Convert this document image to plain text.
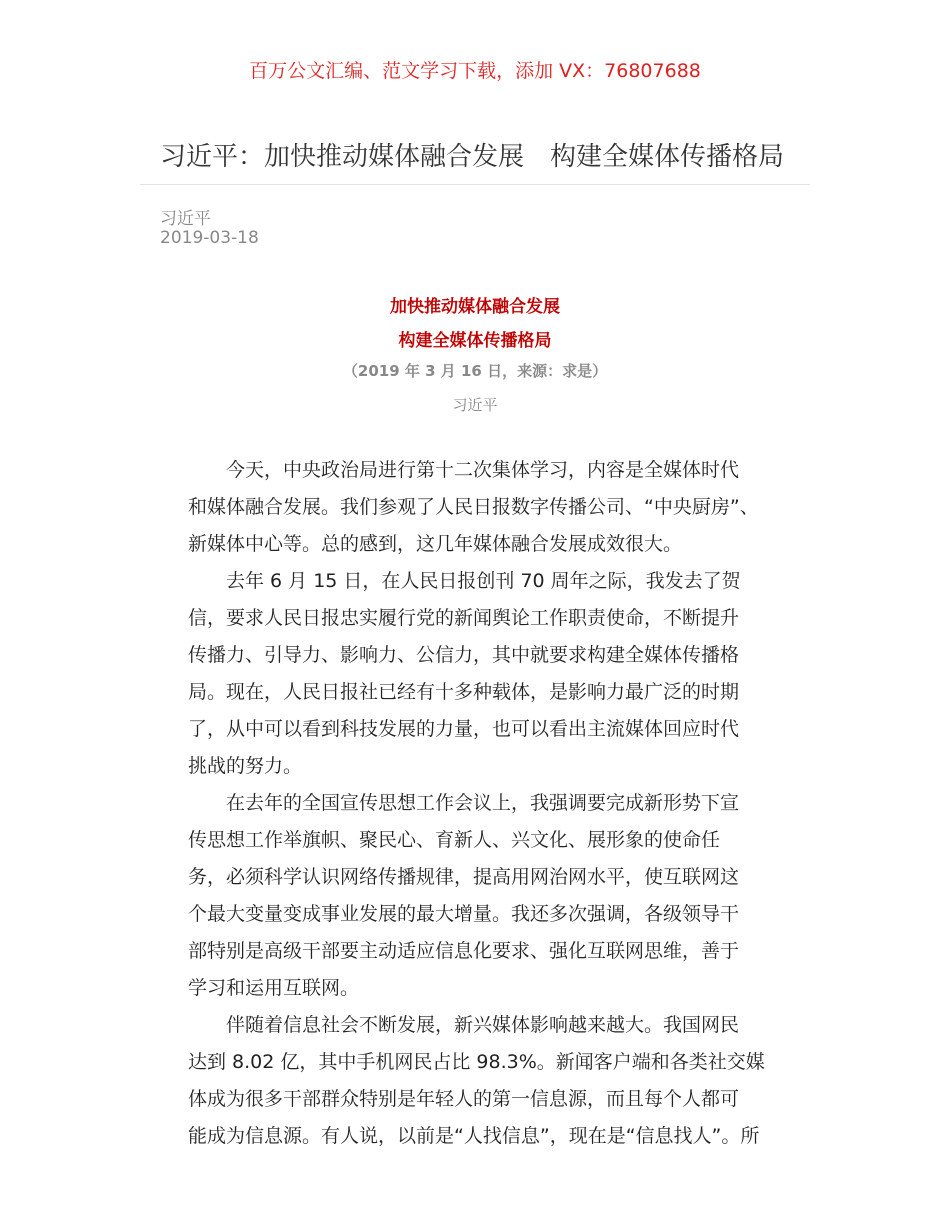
百万公文汇编、范文学习下载，添加 VX：76807688
习近平：加快推动媒体融合发展　构建全媒体传播格局
习近平
2019-03-18
加快推动媒体融合发展
构建全媒体传播格局
（2019 年 3 月 16 日，来源：求是）
习近平
　　今天，中央政治局进行第十二次集体学习，内容是全媒体时代
和媒体融合发展。我们参观了人民日报数字传播公司、“中央厨房”、
新媒体中心等。总的感到，这几年媒体融合发展成效很大。
　　去年 6 月 15 日，在人民日报创刊 70 周年之际，我发去了贺
信，要求人民日报忠实履行党的新闻舆论工作职责使命，不断提升
传播力、引导力、影响力、公信力，其中就要求构建全媒体传播格
局。现在，人民日报社已经有十多种载体，是影响力最广泛的时期
了，从中可以看到科技发展的力量，也可以看出主流媒体回应时代
挑战的努力。
　　在去年的全国宣传思想工作会议上，我强调要完成新形势下宣
传思想工作举旗帜、聚民心、育新人、兴文化、展形象的使命任
务，必须科学认识网络传播规律，提高用网治网水平，使互联网这
个最大变量变成事业发展的最大增量。我还多次强调，各级领导干
部特别是高级干部要主动适应信息化要求、强化互联网思维，善于
学习和运用互联网。
　　伴随着信息社会不断发展，新兴媒体影响越来越大。我国网民
达到 8.02 亿，其中手机网民占比 98.3%。新闻客户端和各类社交媒
体成为很多干部群众特别是年轻人的第一信息源，而且每个人都可
能成为信息源。有人说，以前是“人找信息”，现在是“信息找人”。所
